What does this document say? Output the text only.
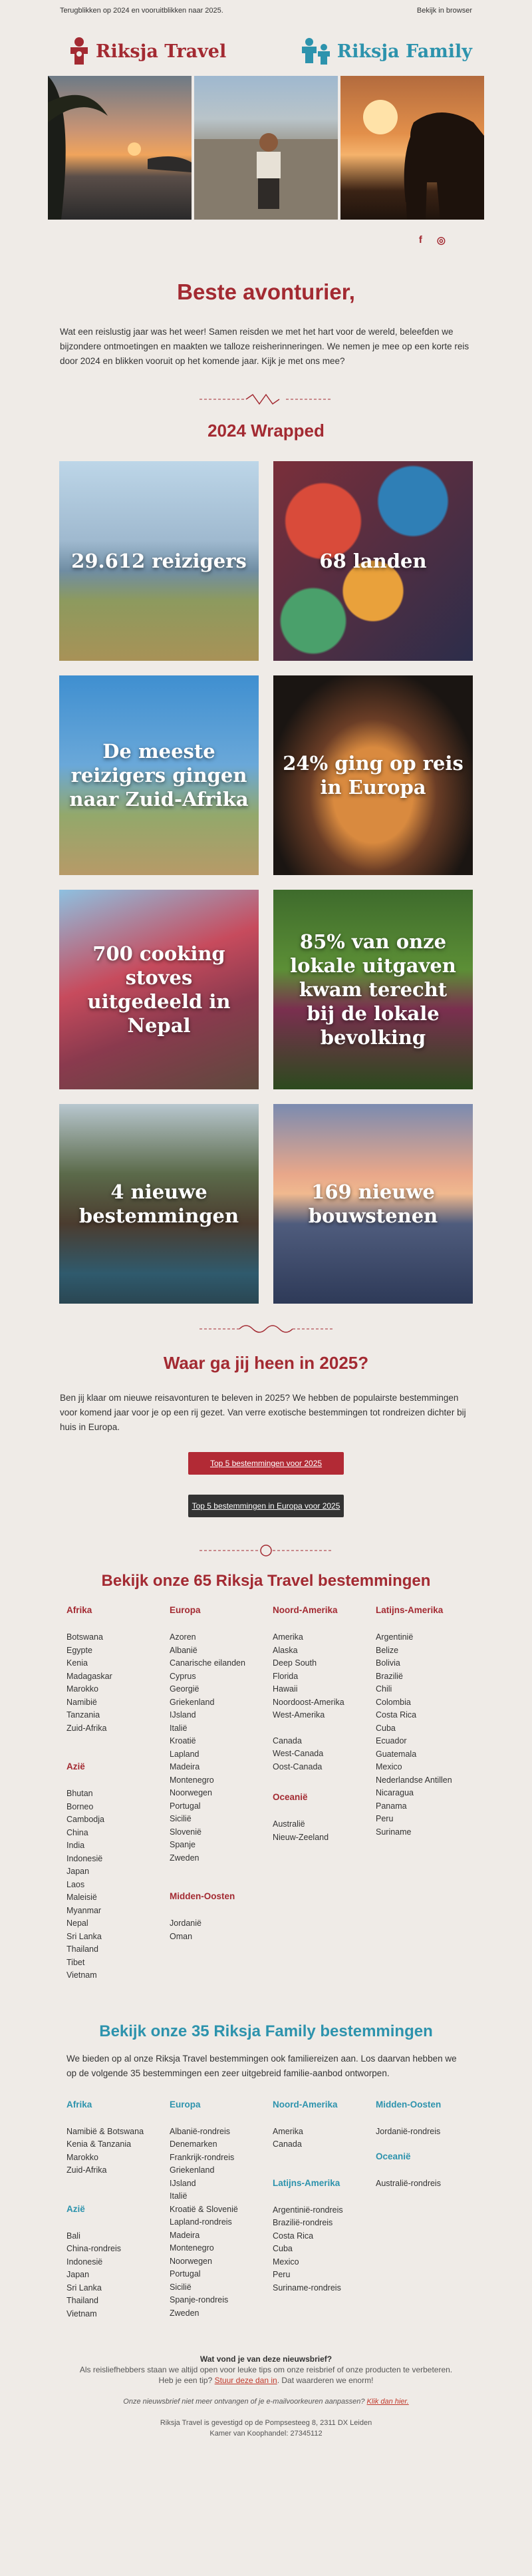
Terugblikken op 2024 en vooruitblikken naar 2025.	Bekijk in browser
Riksja Travel	Riksja Family
f ◎
Beste avonturier,

Wat een reislustig jaar was het weer! Samen reisden we met het hart voor de wereld, beleefden we bijzondere ontmoetingen en maakten we talloze reisherinneringen. We nemen je mee op een korte reis door 2024 en blikken vooruit op het komende jaar. Kijk je met ons mee?

2024 Wrapped
29.612 reizigers	68 landen
De meeste reizigers gingen naar Zuid-Afrika
24% ging op reis in Europa
700 cooking stoves uitgedeeld in Nepal
85% van onze lokale uitgaven kwam terecht bij de lokale bevolking
4 nieuwe bestemmingen
169 nieuwe bouwstenen
Waar ga jij heen in 2025?

Ben jij klaar om nieuwe reisavonturen te beleven in 2025? We hebben de populairste bestemmingen voor komend jaar voor je op een rij gezet. Van verre exotische bestemmingen tot rondreizen dichter bij huis in Europa.

Top 5 bestemmingen voor 2025
Top 5 bestemmingen in Europa voor 2025
Bekijk onze 65 Riksja Travel bestemmingen
Afrika
Botswana
Egypte
Kenia
Madagaskar
Marokko
Namibië
Tanzania
Zuid-Afrika
Azië
Bhutan
Borneo
Cambodja
China
India
Indonesië
Japan
Laos
Maleisië
Myanmar
Nepal
Sri Lanka
Thailand
Tibet
Vietnam
Europa
Azoren
Albanië
Canarische eilanden
Cyprus
Georgië
Griekenland
IJsland
Italië
Kroatië
Lapland
Madeira
Montenegro
Noorwegen
Portugal
Sicilië
Slovenië
Spanje
Zweden
Midden-Oosten
Jordanië
Oman
Noord-Amerika
Amerika
Alaska
Deep South
Florida
Hawaii
Noordoost-Amerika
West-Amerika
Canada
West-Canada
Oost-Canada
Oceanië
Australië
Nieuw-Zeeland
Latijns-Amerika
Argentinië
Belize
Bolivia
Brazilië
Chili
Colombia
Costa Rica
Cuba
Ecuador
Guatemala
Mexico
Nederlandse Antillen
Nicaragua
Panama
Peru
Suriname
Bekijk onze 35 Riksja Family bestemmingen

We bieden op al onze Riksja Travel bestemmingen ook familiereizen aan. Los daarvan hebben we op de volgende 35 bestemmingen een zeer uitgebreid familie-aanbod ontworpen.

Afrika
Namibië & Botswana
Kenia & Tanzania
Marokko
Zuid-Afrika
Azië
Bali
China-rondreis
Indonesië
Japan
Sri Lanka
Thailand
Vietnam
Europa
Albanië-rondreis
Denemarken
Frankrijk-rondreis
Griekenland
IJsland
Italië
Kroatië & Slovenië
Lapland-rondreis
Madeira
Montenegro
Noorwegen
Portugal
Sicilië
Spanje-rondreis
Zweden
Noord-Amerika
Amerika
Canada
Latijns-Amerika
Argentinië-rondreis
Brazilië-rondreis
Costa Rica
Cuba
Mexico
Peru
Suriname-rondreis
Midden-Oosten
Jordanië-rondreis
Oceanië
Australië-rondreis
Wat vond je van deze nieuwsbrief?
Als reisliefhebbers staan we altijd open voor leuke tips om onze reisbrief of onze producten te verbeteren.
Heb je een tip? Stuur deze dan in. Dat waarderen we enorm!
Onze nieuwsbrief niet meer ontvangen of je e-mailvoorkeuren aanpassen? Klik dan hier.
Riksja Travel is gevestigd op de Pompsesteeg 8, 2311 DX Leiden
Kamer van Koophandel: 27345112
